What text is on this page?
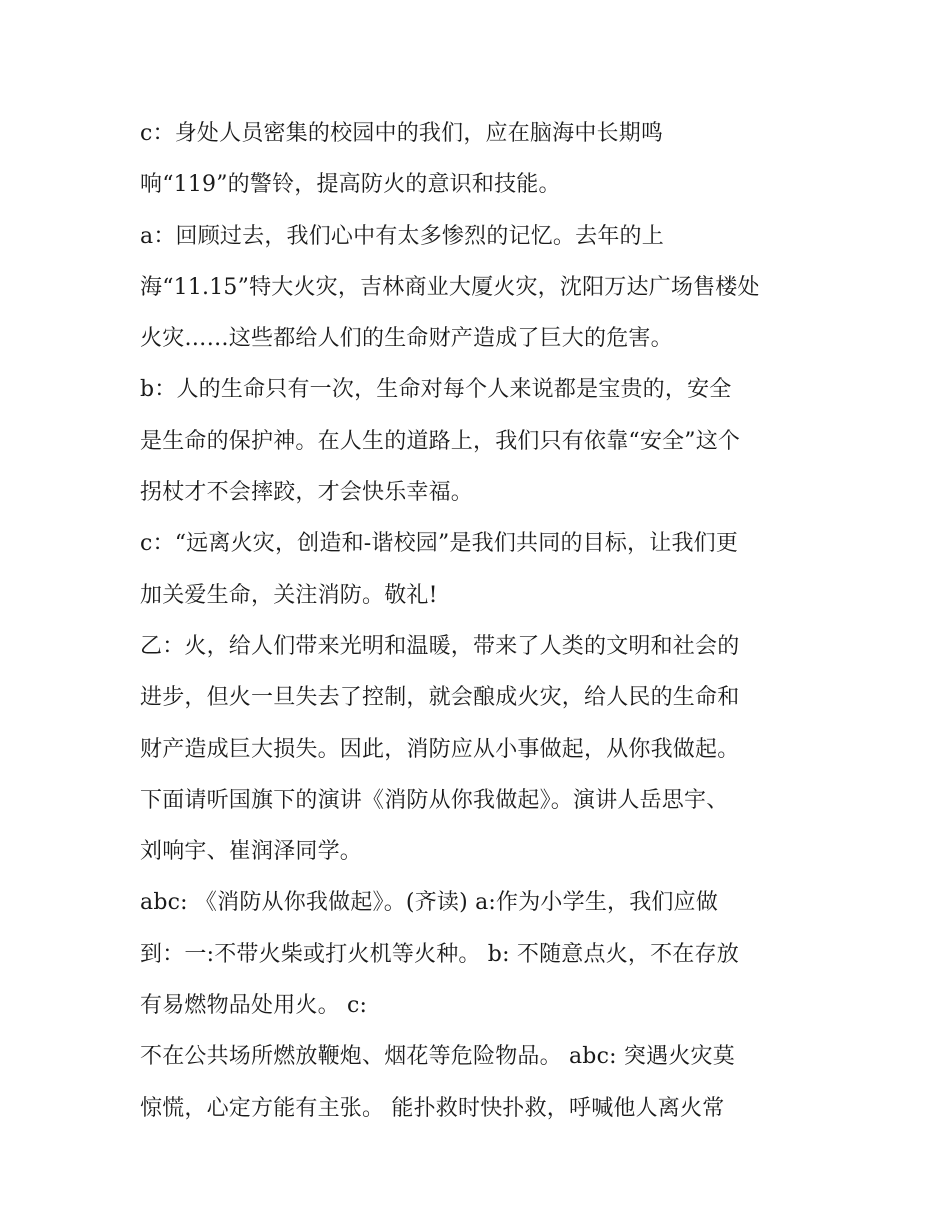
c：身处人员密集的校园中的我们，应在脑海中长期鸣
响“119”的警铃，提高防火的意识和技能。
a：回顾过去，我们心中有太多惨烈的记忆。去年的上
海“11.15”特大火灾，吉林商业大厦火灾，沈阳万达广场售楼处
火灾……这些都给人们的生命财产造成了巨大的危害。
b：人的生命只有一次，生命对每个人来说都是宝贵的，安全
是生命的保护神。在人生的道路上，我们只有依靠“安全”这个
拐杖才不会摔跤，才会快乐幸福。
c：“远离火灾，创造和-谐校园”是我们共同的目标，让我们更
加关爱生命，关注消防。敬礼!
乙：火，给人们带来光明和温暖，带来了人类的文明和社会的
进步，但火一旦失去了控制，就会酿成火灾，给人民的生命和
财产造成巨大损失。因此，消防应从小事做起，从你我做起。
下面请听国旗下的演讲《消防从你我做起》。演讲人岳思宇、
刘响宇、崔润泽同学。
abc: 《消防从你我做起》。(齐读) a:作为小学生，我们应做
到：一:不带火柴或打火机等火种。 b: 不随意点火，不在存放
有易燃物品处用火。 c:
不在公共场所燃放鞭炮、烟花等危险物品。 abc: 突遇火灾莫
惊慌，心定方能有主张。 能扑救时快扑救，呼喊他人离火常
